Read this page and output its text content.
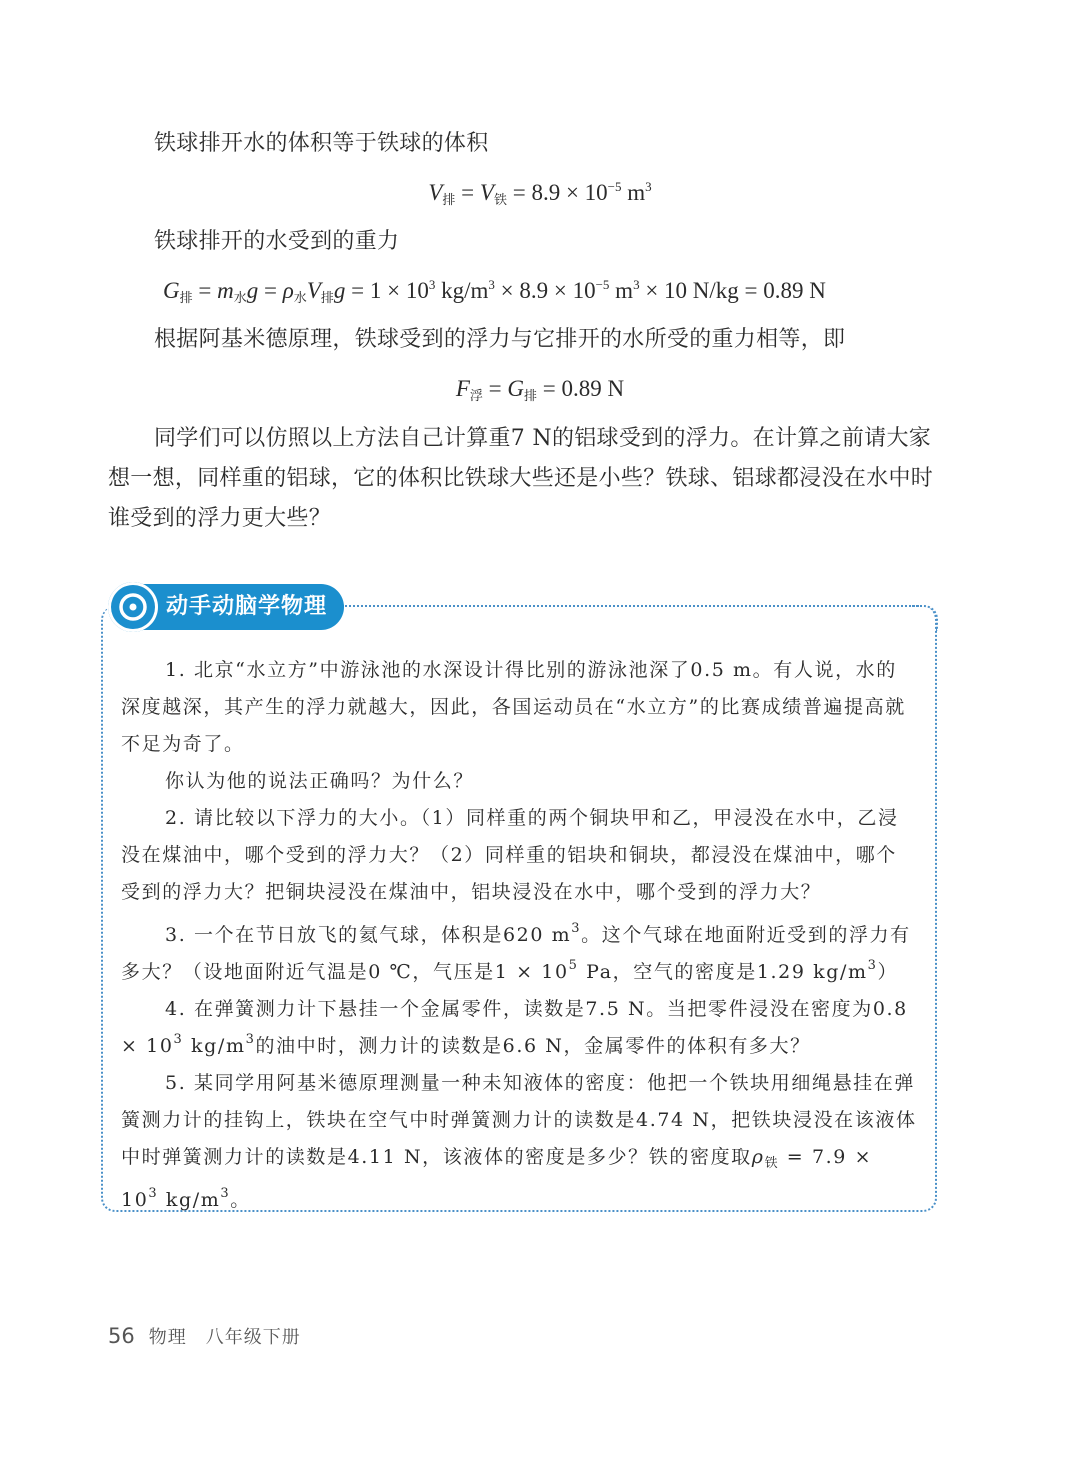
铁球排开水的体积等于铁球的体积

$V_排 = V_铁 = 8.9 \times 10^{-5}$ $m^3$

铁球排开的水受到的重力

$G_排 = m_水g = \rho_水V_排g = 1 \times 10^3$ $kg/m^3 \times 8.9 \times 10^{-5}$ $m^3 \times 10$ N/kg = 0.89 N

根据阿基米德原理，铁球受到的浮力与它排开的水所受的重力相等，即

$F_浮 = G_排 = 0.89$ N

同学们可以仿照以上方法自己计算重7 N的铝球受到的浮力。在计算之前请大家想一想，同样重的铝球，它的体积比铁球大些还是小些？铁球、铝球都浸没在水中时谁受到的浮力更大些？

动手动脑学物理

1. 北京“水立方”中游泳池的水深设计得比别的游泳池深了0.5 m。有人说，水的深度越深，其产生的浮力就越大，因此，各国运动员在“水立方”的比赛成绩普遍提高就不足为奇了。

你认为他的说法正确吗？为什么？

2. 请比较以下浮力的大小。（1）同样重的两个铜块甲和乙，甲浸没在水中，乙浸没在煤油中，哪个受到的浮力大？（2）同样重的铝块和铜块，都浸没在煤油中，哪个受到的浮力大？把铜块浸没在煤油中，铝块浸没在水中，哪个受到的浮力大？

3. 一个在节日放飞的氦气球，体积是620 $m^3$。这个气球在地面附近受到的浮力有多大？（设地面附近气温是0 ℃，气压是$1 \times 10^5$ Pa，空气的密度是1.29 $kg/m^3$）

4. 在弹簧测力计下悬挂一个金属零件，读数是7.5 N。当把零件浸没在密度为$0.8 \times 10^3$ $kg/m^3$的油中时，测力计的读数是6.6 N，金属零件的体积有多大？

5. 某同学用阿基米德原理测量一种未知液体的密度：他把一个铁块用细绳悬挂在弹簧测力计的挂钩上，铁块在空气中时弹簧测力计的读数是4.74 N，把铁块浸没在该液体中时弹簧测力计的读数是4.11 N，该液体的密度是多少？铁的密度取$\rho_铁 = 7.9 \times 10^3$ $kg/m^3$。

56 物理　八年级下册
